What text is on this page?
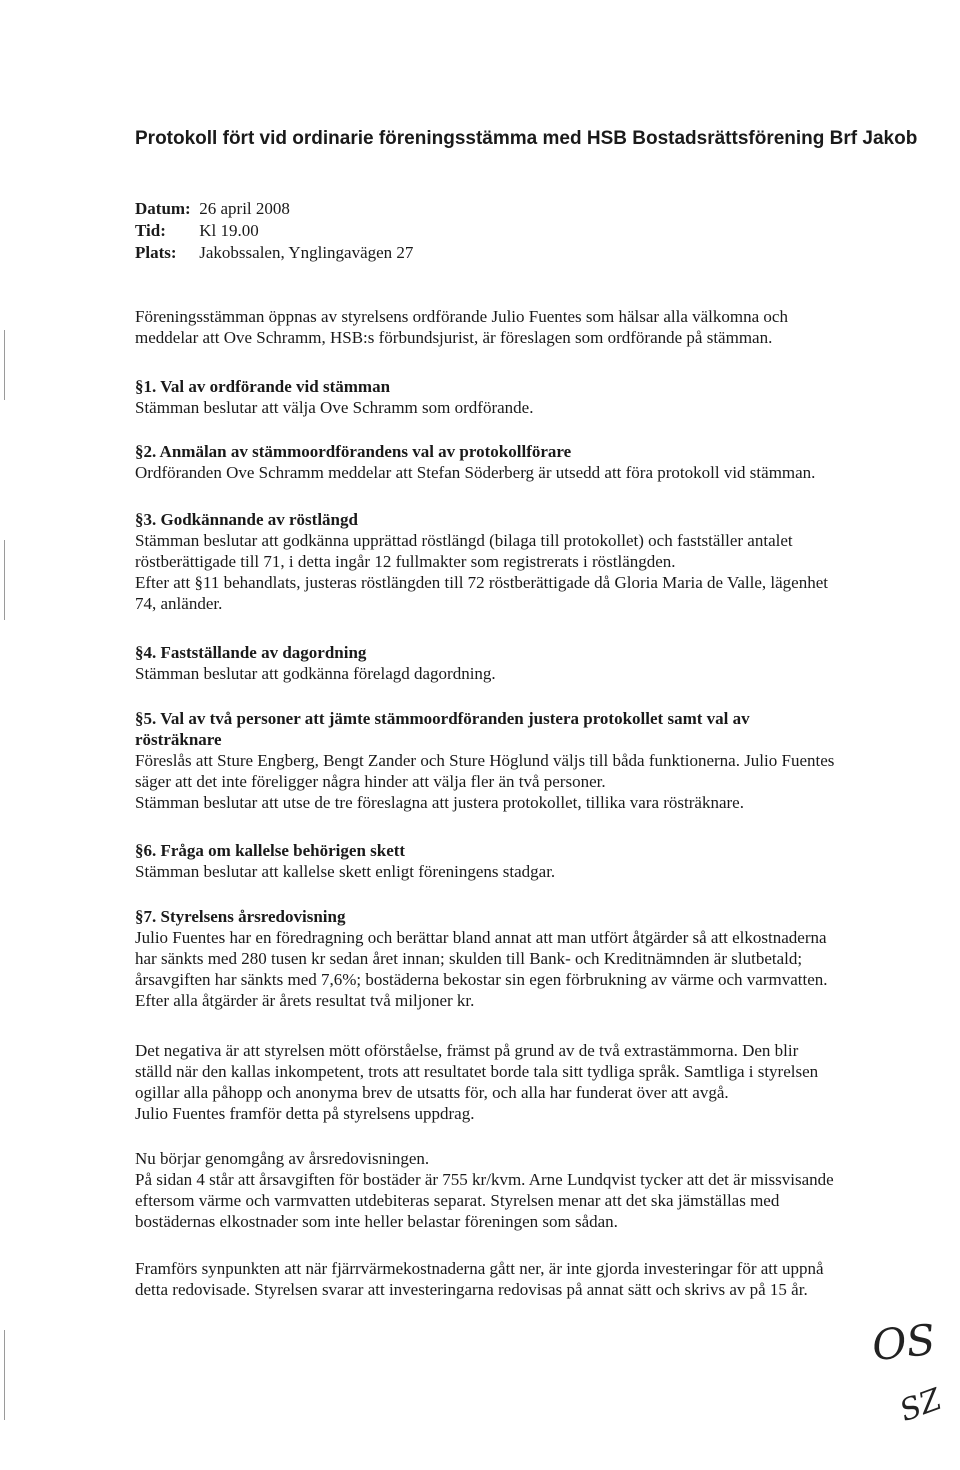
Protokoll fört vid ordinarie föreningsstämma med HSB Bostadsrättsförening Brf Jakob
Datum: 26 april 2008
Tid: Kl 19.00
Plats: Jakobssalen, Ynglingavägen 27
Föreningsstämman öppnas av styrelsens ordförande Julio Fuentes som hälsar alla välkomna och
meddelar att Ove Schramm, HSB:s förbundsjurist, är föreslagen som ordförande på stämman.
§1. Val av ordförande vid stämman
Stämman beslutar att välja Ove Schramm som ordförande.
§2. Anmälan av stämmoordförandens val av protokollförare
Ordföranden Ove Schramm meddelar att Stefan Söderberg är utsedd att föra protokoll vid stämman.
§3. Godkännande av röstlängd
Stämman beslutar att godkänna upprättad röstlängd (bilaga till protokollet) och fastställer antalet
röstberättigade till 71, i detta ingår 12 fullmakter som registrerats i röstlängden.
Efter att §11 behandlats, justeras röstlängden till 72 röstberättigade då Gloria Maria de Valle, lägenhet
74, anländer.
§4. Fastställande av dagordning
Stämman beslutar att godkänna förelagd dagordning.
§5. Val av två personer att jämte stämmoordföranden justera protokollet samt val av
rösträknare
Föreslås att Sture Engberg, Bengt Zander och Sture Höglund väljs till båda funktionerna. Julio Fuentes
säger att det inte föreligger några hinder att välja fler än två personer.
Stämman beslutar att utse de tre föreslagna att justera protokollet, tillika vara rösträknare.
§6. Fråga om kallelse behörigen skett
Stämman beslutar att kallelse skett enligt föreningens stadgar.
§7. Styrelsens årsredovisning
Julio Fuentes har en föredragning och berättar bland annat att man utfört åtgärder så att elkostnaderna
har sänkts med 280 tusen kr sedan året innan; skulden till Bank- och Kreditnämnden är slutbetald;
årsavgiften har sänkts med 7,6%; bostäderna bekostar sin egen förbrukning av värme och varmvatten.
Efter alla åtgärder är årets resultat två miljoner kr.
Det negativa är att styrelsen mött oförståelse, främst på grund av de två extrastämmorna. Den blir
ställd när den kallas inkompetent, trots att resultatet borde tala sitt tydliga språk. Samtliga i styrelsen
ogillar alla påhopp och anonyma brev de utsatts för, och alla har funderat över att avgå.
Julio Fuentes framför detta på styrelsens uppdrag.
Nu börjar genomgång av årsredovisningen.
På sidan 4 står att årsavgiften för bostäder är 755 kr/kvm. Arne Lundqvist tycker att det är missvisande
eftersom värme och varmvatten utdebiteras separat. Styrelsen menar att det ska jämställas med
bostädernas elkostnader som inte heller belastar föreningen som sådan.
Framförs synpunkten att när fjärrvärmekostnaderna gått ner, är inte gjorda investeringar för att uppnå
detta redovisade. Styrelsen svarar att investeringarna redovisas på annat sätt och skrivs av på 15 år.
OS
SZ
